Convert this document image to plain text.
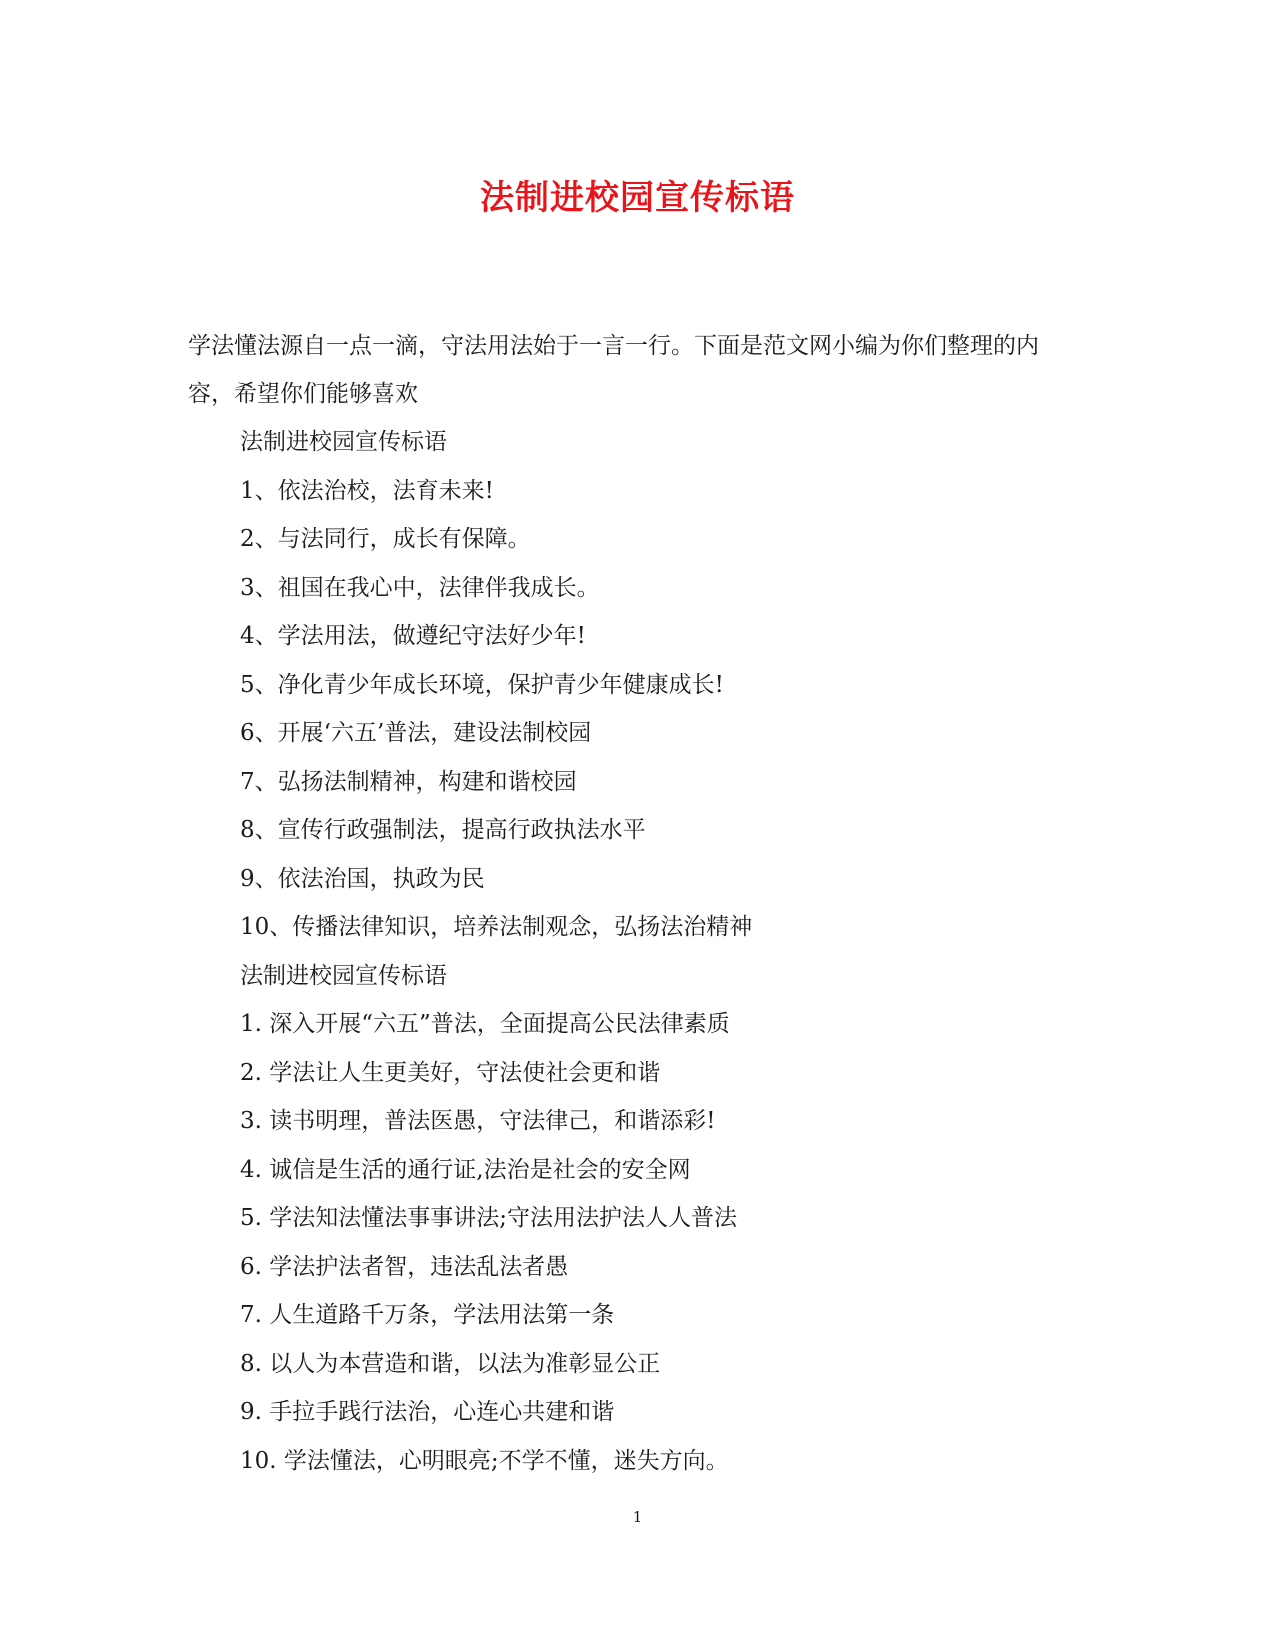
法制进校园宣传标语
学法懂法源自一点一滴，守法用法始于一言一行。下面是范文网小编为你们整理的内容，希望你们能够喜欢
法制进校园宣传标语
1、依法治校，法育未来!
2、与法同行，成长有保障。
3、祖国在我心中，法律伴我成长。
4、学法用法，做遵纪守法好少年!
5、净化青少年成长环境，保护青少年健康成长!
6、开展‘六五’普法，建设法制校园
7、弘扬法制精神，构建和谐校园
8、宣传行政强制法，提高行政执法水平
9、依法治国，执政为民
10、传播法律知识，培养法制观念，弘扬法治精神
法制进校园宣传标语
1. 深入开展“六五”普法，全面提高公民法律素质
2. 学法让人生更美好，守法使社会更和谐
3. 读书明理，普法医愚，守法律己，和谐添彩!
4. 诚信是生活的通行证,法治是社会的安全网
5. 学法知法懂法事事讲法;守法用法护法人人普法
6. 学法护法者智，违法乱法者愚
7. 人生道路千万条，学法用法第一条
8. 以人为本营造和谐，以法为准彰显公正
9. 手拉手践行法治，心连心共建和谐
10. 学法懂法，心明眼亮;不学不懂，迷失方向。
1
